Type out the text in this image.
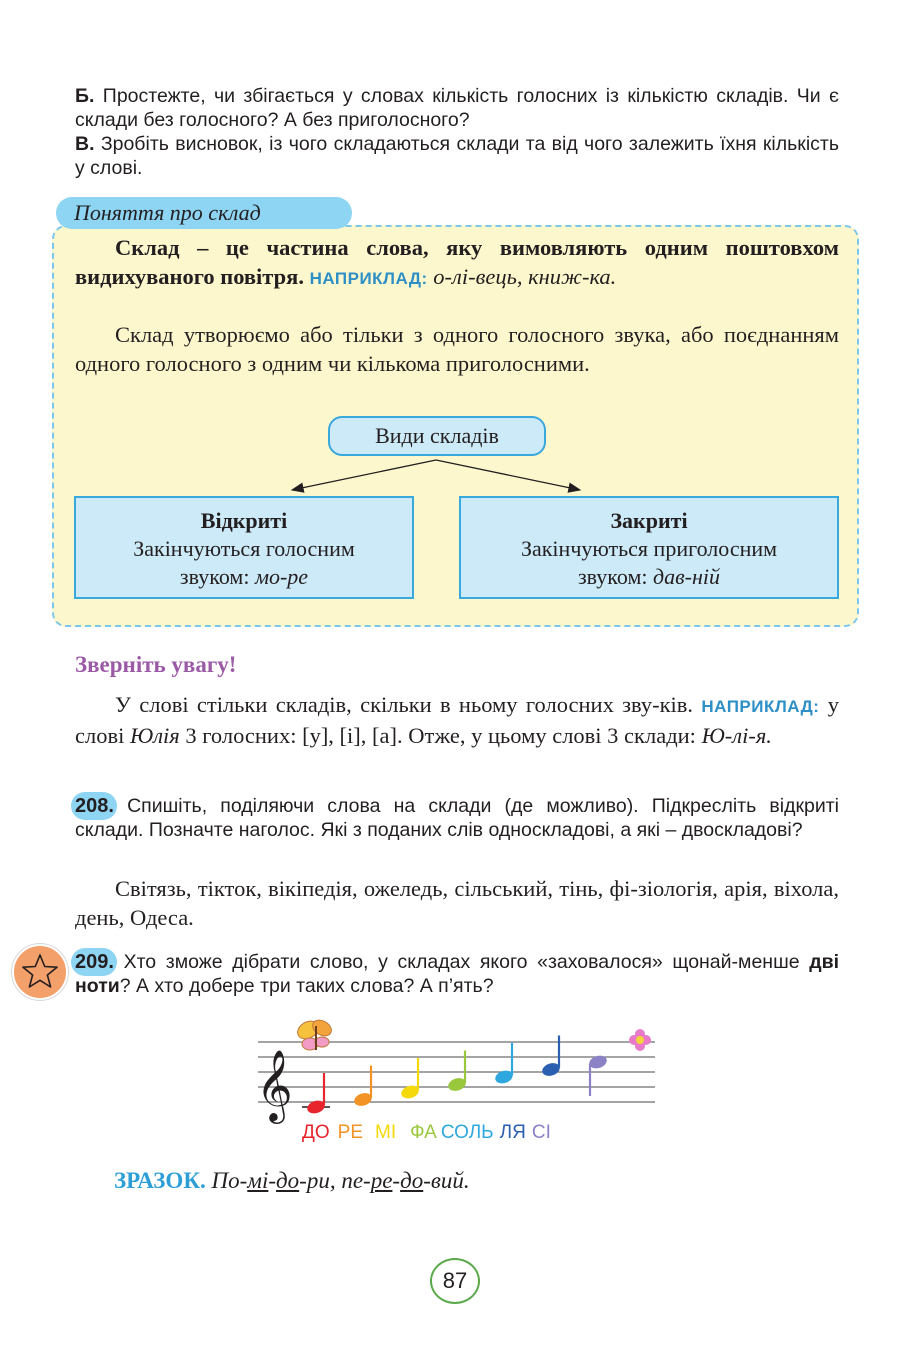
Б. Простежте, чи збігається у словах кількість голосних із кількістю складів. Чи є склади без голосного? А без приголосного?
В. Зробіть висновок, із чого складаються склади та від чого залежить їхня кількість у слові.
Поняття про склад
Склад – це частина слова, яку вимовляють одним поштовхом видихуваного повітря. НАПРИКЛАД: о-лі-вець, книж-ка.
Склад утворюємо або тільки з одного голосного звука, або поєднанням одного голосного з одним чи кількома приголосними.
Види складів
Відкриті
Закінчуються голосним
звуком: мо-ре
Закриті
Закінчуються приголосним
звуком: дав-ній
Зверніть увагу!
У слові стільки складів, скільки в ньому голосних зву-ків. НАПРИКЛАД: у слові Юлія 3 голосних: [у], [і], [а]. Отже, у цьому слові 3 склади: Ю-лі-я.
208. Спишіть, поділяючи слова на склади (де можливо). Підкресліть відкриті склади. Позначте наголос. Які з поданих слів односкладові, а які – двоскладові?
Світязь, тікток, вікіпедія, ожеледь, сільський, тінь, фі-зіологія, арія, віхола, день, Одеса.
209. Хто зможе дібрати слово, у складах якого «заховалося» щонай-менше дві ноти? А хто добере три таких слова? А п’ять?
𝄞
ДО РЕ МІ ФА СОЛЬ ЛЯ СІ
ЗРАЗОК. По-мі-до-ри, пе-ре-до-вий.
87
